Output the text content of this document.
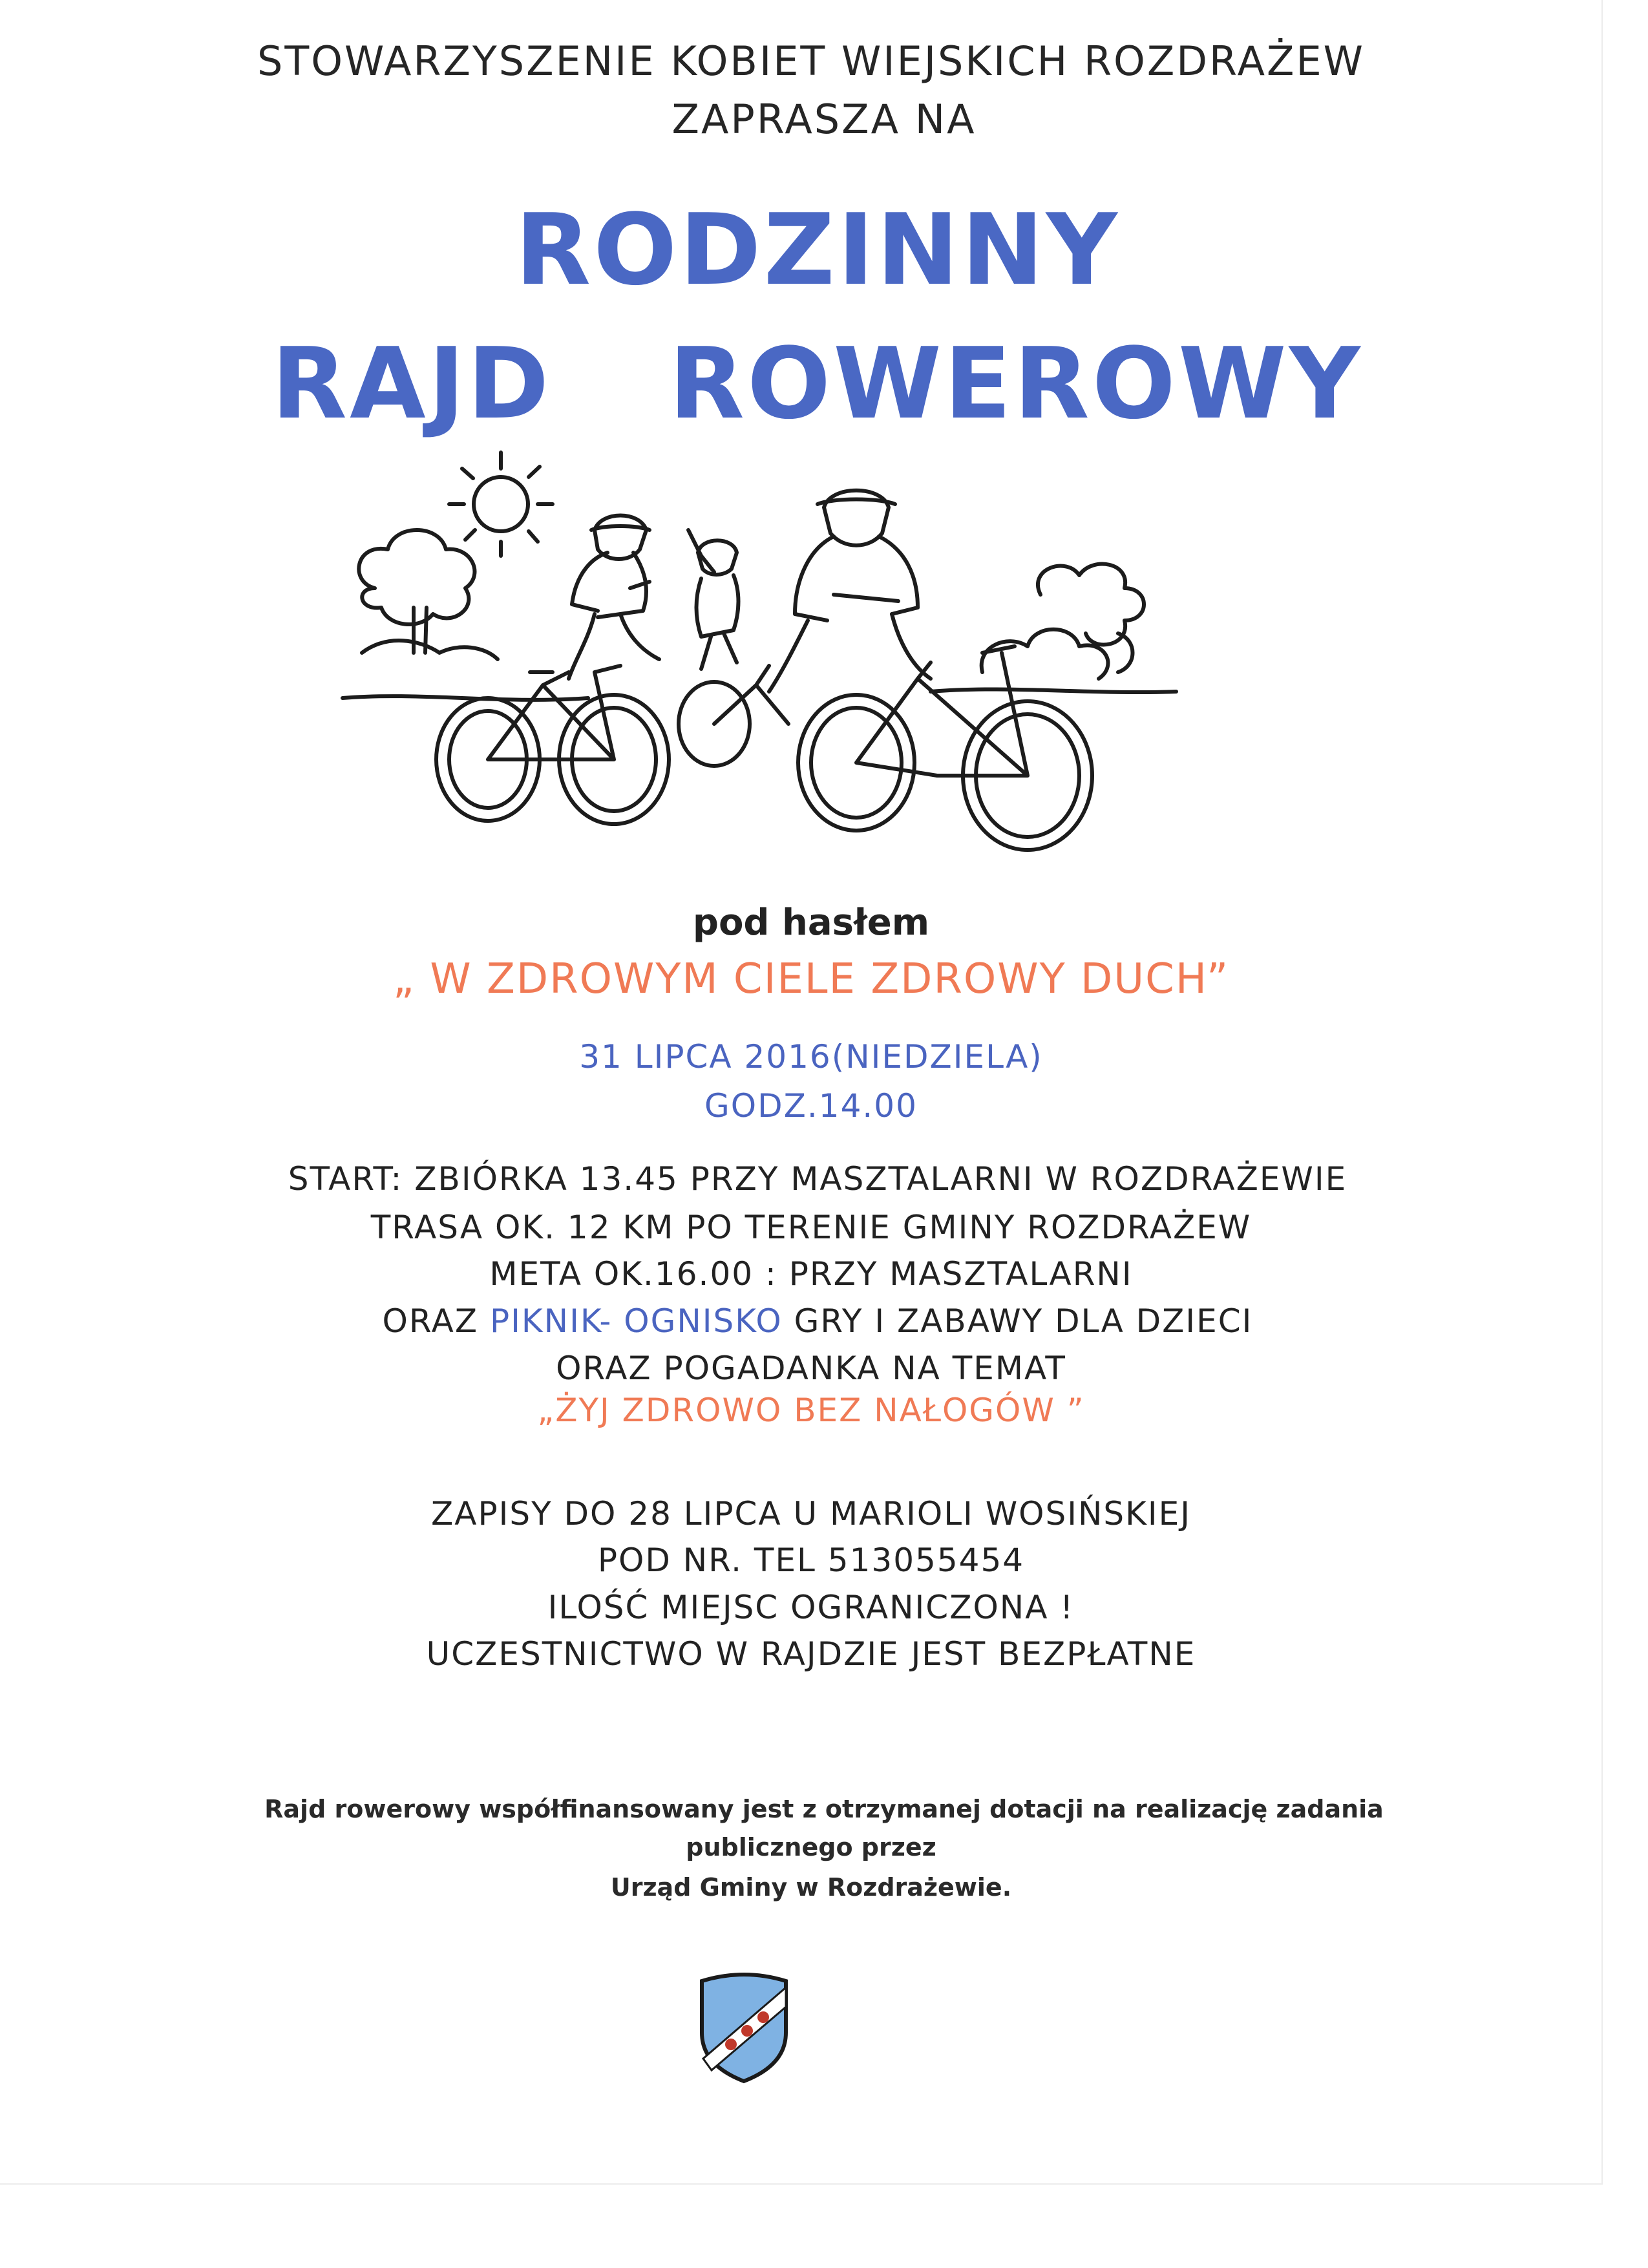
STOWARZYSZENIE KOBIET WIEJSKICH ROZDRAŻEW
ZAPRASZA NA
RODZINNY
RAJD ROWEROWY
pod hasłem
„ W ZDROWYM CIELE ZDROWY DUCH”
31 LIPCA 2016(NIEDZIELA)
GODZ.14.00
START: ZBIÓRKA 13.45 PRZY MASZTALARNI W ROZDRAŻEWIE
TRASA OK. 12 KM PO TERENIE GMINY ROZDRAŻEW
META OK.16.00 : PRZY MASZTALARNI
ORAZ PIKNIK- OGNISKO GRY I ZABAWY DLA DZIECI
ORAZ POGADANKA NA TEMAT
„ŻYJ ZDROWO BEZ NAŁOGÓW ”
ZAPISY DO 28 LIPCA U MARIOLI WOSIŃSKIEJ
POD NR. TEL 513055454
ILOŚĆ MIEJSC OGRANICZONA !
UCZESTNICTWO W RAJDZIE JEST BEZPŁATNE
Rajd rowerowy współfinansowany jest z otrzymanej dotacji na realizację zadania
publicznego przez
Urząd Gminy w Rozdrażewie.
